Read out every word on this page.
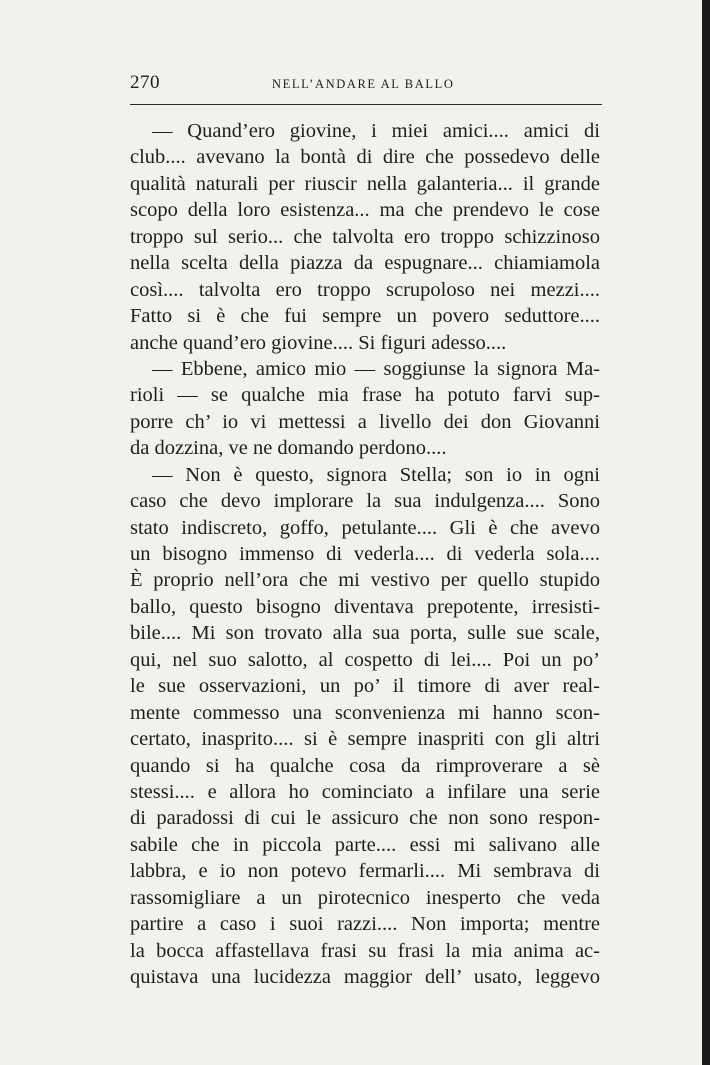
270	NELL’ANDARE AL BALLO
— Quand’ero giovine, i miei amici.... amici di
club.... avevano la bontà di dire che possedevo delle
qualità naturali per riuscir nella galanteria... il grande
scopo della loro esistenza... ma che prendevo le cose
troppo sul serio... che talvolta ero troppo schizzinoso
nella scelta della piazza da espugnare... chiamiamola
così.... talvolta ero troppo scrupoloso nei mezzi....
Fatto si è che fui sempre un povero seduttore....
anche quand’ero giovine.... Si figuri adesso....
— Ebbene, amico mio — soggiunse la signora Ma-
rioli — se qualche mia frase ha potuto farvi sup-
porre ch’ io vi mettessi a livello dei don Giovanni
da dozzina, ve ne domando perdono....
— Non è questo, signora Stella; son io in ogni
caso che devo implorare la sua indulgenza.... Sono
stato indiscreto, goffo, petulante.... Gli è che avevo
un bisogno immenso di vederla.... di vederla sola....
È proprio nell’ora che mi vestivo per quello stupido
ballo, questo bisogno diventava prepotente, irresisti-
bile.... Mi son trovato alla sua porta, sulle sue scale,
qui, nel suo salotto, al cospetto di lei.... Poi un po’
le sue osservazioni, un po’ il timore di aver real-
mente commesso una sconvenienza mi hanno scon-
certato, inasprito.... si è sempre inaspriti con gli altri
quando si ha qualche cosa da rimproverare a sè
stessi.... e allora ho cominciato a infilare una serie
di paradossi di cui le assicuro che non sono respon-
sabile che in piccola parte.... essi mi salivano alle
labbra, e io non potevo fermarli.... Mi sembrava di
rassomigliare a un pirotecnico inesperto che veda
partire a caso i suoi razzi.... Non importa; mentre
la bocca affastellava frasi su frasi la mia anima ac-
quistava una lucidezza maggior dell’ usato, leggevo
